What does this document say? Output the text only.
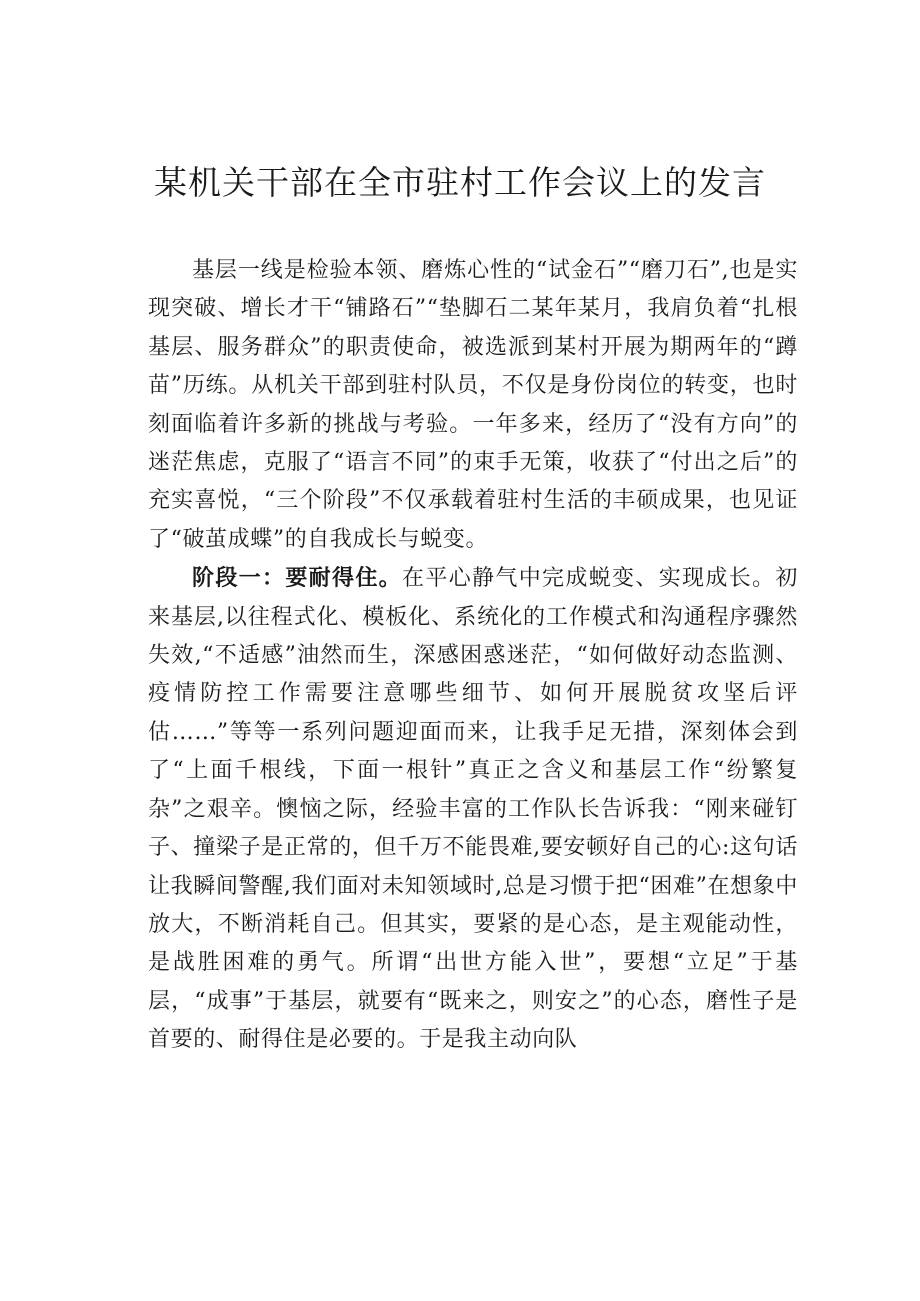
某机关干部在全市驻村工作会议上的发言

基层一线是检验本领、磨炼心性的“试金石”“磨刀石”,也是实现突破、增长才干“铺路石”“垫脚石二某年某月，我肩负着“扎根基层、服务群众”的职责使命，被选派到某村开展为期两年的“蹲苗”历练。从机关干部到驻村队员，不仅是身份岗位的转变，也时刻面临着许多新的挑战与考验。一年多来，经历了“没有方向”的迷茫焦虑，克服了“语言不同”的束手无策，收获了“付出之后”的充实喜悦，“三个阶段”不仅承载着驻村生活的丰硕成果，也见证了“破茧成蝶”的自我成长与蜕变。

阶段一：要耐得住。在平心静气中完成蜕变、实现成长。初来基层,以往程式化、模板化、系统化的工作模式和沟通程序骤然失效,“不适感”油然而生，深感困惑迷茫，“如何做好动态监测、疫情防控工作需要注意哪些细节、如何开展脱贫攻坚后评估……”等等一系列问题迎面而来，让我手足无措，深刻体会到了“上面千根线，下面一根针”真正之含义和基层工作“纷繁复杂”之艰辛。懊恼之际，经验丰富的工作队长告诉我：“刚来碰钉子、撞梁子是正常的，但千万不能畏难,要安顿好自己的心:这句话让我瞬间警醒,我们面对未知领域时,总是习惯于把“困难”在想象中放大，不断消耗自己。但其实，要紧的是心态，是主观能动性，是战胜困难的勇气。所谓“出世方能入世”，要想“立足”于基层，“成事”于基层，就要有“既来之，则安之”的心态，磨性子是首要的、耐得住是必要的。于是我主动向队
